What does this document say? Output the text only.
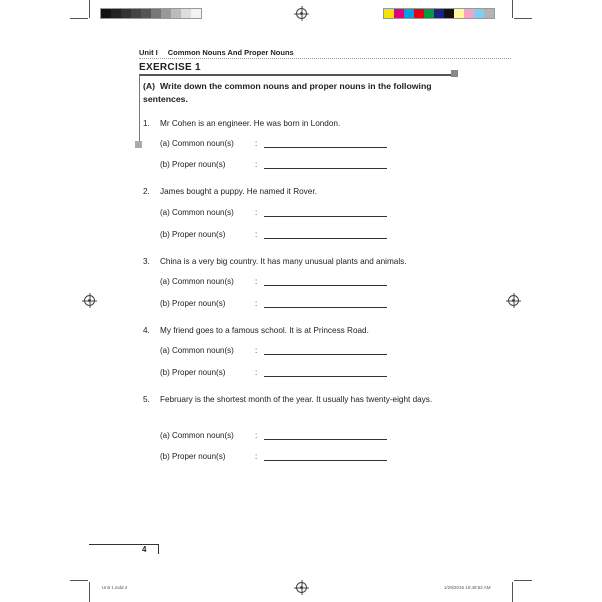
Unit 1.indd 4	1/29/2015 10:48:52 AM
Unit I Common Nouns And Proper Nouns
EXERCISE 1
(A) Write down the common nouns and proper nouns in the following sentences.
1.	Mr Cohen is an engineer. He was born in London.
(a) Common noun(s)	:
(b) Proper noun(s)	:
2.	James bought a puppy. He named it Rover.
(a) Common noun(s)	:
(b) Proper noun(s)	:
3.	China is a very big country. It has many unusual plants and animals.
(a) Common noun(s)	:
(b) Proper noun(s)	:
4.	My friend goes to a famous school. It is at Princess Road.
(a) Common noun(s)	:
(b) Proper noun(s)	:
5.	February is the shortest month of the year. It usually has twenty-eight days.
(a) Common noun(s)	:
(b) Proper noun(s)	:
4
